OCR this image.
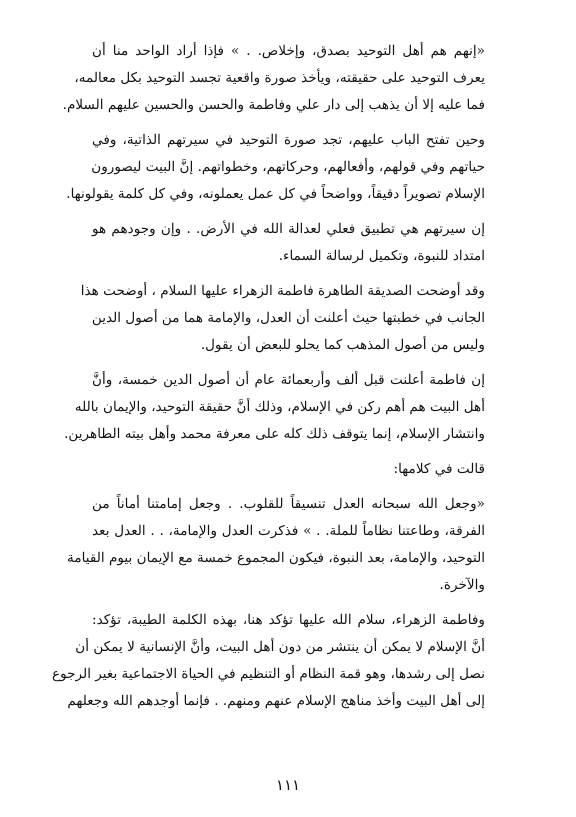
«إنهم هم أهل التوحيد بصدق، وإخلاص. . » فإذا أراد الواحد منا أن
يعرف التوحيد على حقيقته، ويأخذ صورة واقعية تجسد التوحيد بكل معالمه،
فما عليه إلا أن يذهب إلى دار علي وفاطمة والحسن والحسين عليهم السلام.

وحين تفتح الباب عليهم، تجد صورة التوحيد في سيرتهم الذاتية، وفي
حياتهم وفي قولهم، وأفعالهم، وحركاتهم، وخطواتهم. إنَّ البيت ليصورون
الإسلام تصويراً دقيقاً، وواضحاً في كل عمل يعملونه، وفي كل كلمة يقولونها.

إن سيرتهم هي تطبيق فعلي لعدالة الله في الأرض. . وإن وجودهم هو
امتداد للنبوة، وتكميل لرسالة السماء.

وقد أوضحت الصديقة الطاهرة فاطمة الزهراء عليها السلام ، أوضحت هذا
الجانب في خطبتها حيث أعلنت أن العدل، والإمامة هما من أصول الدين
وليس من أصول المذهب كما يحلو للبعض أن يقول.

إن فاطمة أعلنت قبل ألف وأربعمائة عام أن أصول الدين خمسة، وأنَّ
أهل البيت هم أهم ركن في الإسلام، وذلك أنَّ حقيقة التوحيد، والإيمان بالله
وانتشار الإسلام، إنما يتوقف ذلك كله على معرفة محمد وأهل بيته الطاهرين.

قالت في كلامها:

«وجعل الله سبحانه العدل تنسيقاً للقلوب. . وجعل إمامتنا أماناً من
الفرقة، وطاعتنا نظاماً للملة. . » فذكرت العدل والإمامة، . . العدل بعد
التوحيد، والإمامة، بعد النبوة، فيكون المجموع خمسة مع الإيمان بيوم القيامة
والآخرة.

وفاطمة الزهراء، سلام الله عليها تؤكد هنا، بهذه الكلمة الطيبة، تؤكد:
أنَّ الإسلام لا يمكن أن ينتشر من دون أهل البيت، وأنَّ الإنسانية لا يمكن أن
نصل إلى رشدها، وهو قمة النظام أو التنظيم في الحياة الاجتماعية بغير الرجوع
إلى أهل البيت وأخذ مناهج الإسلام عنهم ومنهم. . فإنما أوجدهم الله وجعلهم

١١١
